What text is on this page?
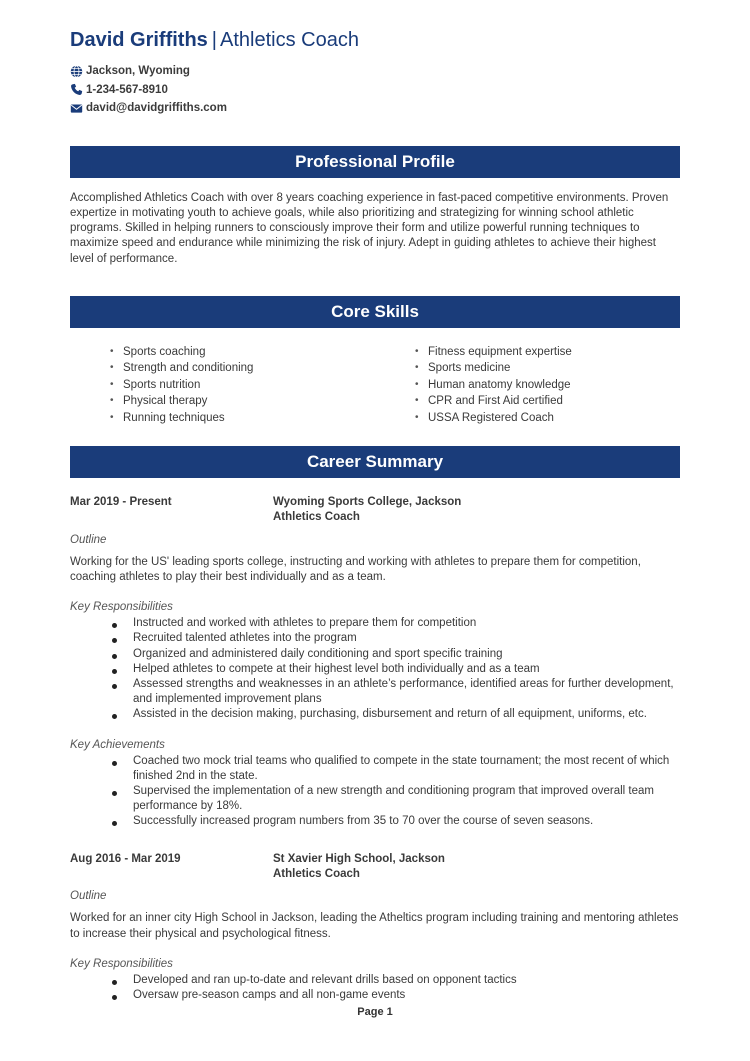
David Griffiths | Athletics Coach
Jackson, Wyoming
1-234-567-8910
david@davidgriffiths.com
Professional Profile
Accomplished Athletics Coach with over 8 years coaching experience in fast-paced competitive environments. Proven expertize in motivating youth to achieve goals, while also prioritizing and strategizing for winning school athletic programs. Skilled in helping runners to consciously improve their form and utilize powerful running techniques to maximize speed and endurance while minimizing the risk of injury. Adept in guiding athletes to achieve their highest level of performance.
Core Skills
• Sports coaching
• Strength and conditioning
• Sports nutrition
• Physical therapy
• Running techniques
• Fitness equipment expertise
• Sports medicine
• Human anatomy knowledge
• CPR and First Aid certified
• USSA Registered Coach
Career Summary
Mar 2019 - Present	Wyoming Sports College, Jackson
Athletics Coach
Outline
Working for the US' leading sports college, instructing and working with athletes to prepare them for competition, coaching athletes to play their best individually and as a team.
Key Responsibilities
Instructed and worked with athletes to prepare them for competition
Recruited talented athletes into the program
Organized and administered daily conditioning and sport specific training
Helped athletes to compete at their highest level both individually and as a team
Assessed strengths and weaknesses in an athlete’s performance, identified areas for further development, and implemented improvement plans
Assisted in the decision making, purchasing, disbursement and return of all equipment, uniforms, etc.
Key Achievements
Coached two mock trial teams who qualified to compete in the state tournament; the most recent of which finished 2nd in the state.
Supervised the implementation of a new strength and conditioning program that improved overall team performance by 18%.
Successfully increased program numbers from 35 to 70 over the course of seven seasons.
Aug 2016 - Mar 2019	St Xavier High School, Jackson
Athletics Coach
Outline
Worked for an inner city High School in Jackson, leading the Atheltics program including training and mentoring athletes to increase their physical and psychological fitness.
Key Responsibilities
Developed and ran up-to-date and relevant drills based on opponent tactics
Oversaw pre-season camps and all non-game events
Page 1
